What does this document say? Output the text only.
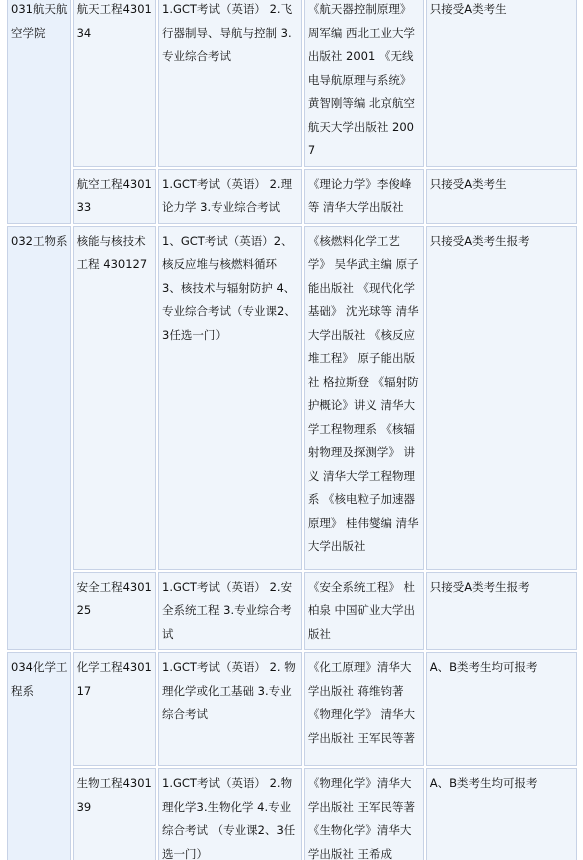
031航天航空学院	航天工程430134	1.GCT考试（英语） 2.飞行器制导、导航与控制 3.专业综合考试	《航天器控制原理》周军编 西北工业大学出版社 2001 《无线电导航原理与系统》黄智刚等编 北京航空航天大学出版社 2007	只接受A类考生
	航空工程430133	1.GCT考试（英语） 2.理论力学 3.专业综合考试	《理论力学》李俊峰等 清华大学出版社	只接受A类考生
032工物系	核能与核技术工程 430127	1、GCT考试（英语）2、核反应堆与核燃料循环 3、核技术与辐射防护 4、专业综合考试（专业课2、3任选一门）	《核燃料化学工艺学》 吴华武主编 原子能出版社 《现代化学基础》 沈光球等 清华大学出版社 《核反应堆工程》 原子能出版社 格拉斯登 《辐射防护概论》讲义 清华大学工程物理系 《核辐射物理及探测学》 讲义 清华大学工程物理系 《核电粒子加速器原理》 桂伟燮编 清华大学出版社	只接受A类考生报考
	安全工程430125	1.GCT考试（英语） 2.安全系统工程 3.专业综合考试	《安全系统工程》 杜柏泉 中国矿业大学出版社	只接受A类考生报考
034化学工程系	化学工程430117	1.GCT考试（英语） 2. 物理化学或化工基础 3.专业综合考试	《化工原理》清华大学出版社 蒋维钧著 《物理化学》 清华大学出版社 王军民等著	A、B类考生均可报考
	生物工程430139	1.GCT考试（英语） 2.物理化学3.生物化学 4.专业综合考试 （专业课2、3任选一门）	《物理化学》清华大学出版社 王军民等著 《生物化学》清华大学出版社 王希成	A、B类考生均可报考
